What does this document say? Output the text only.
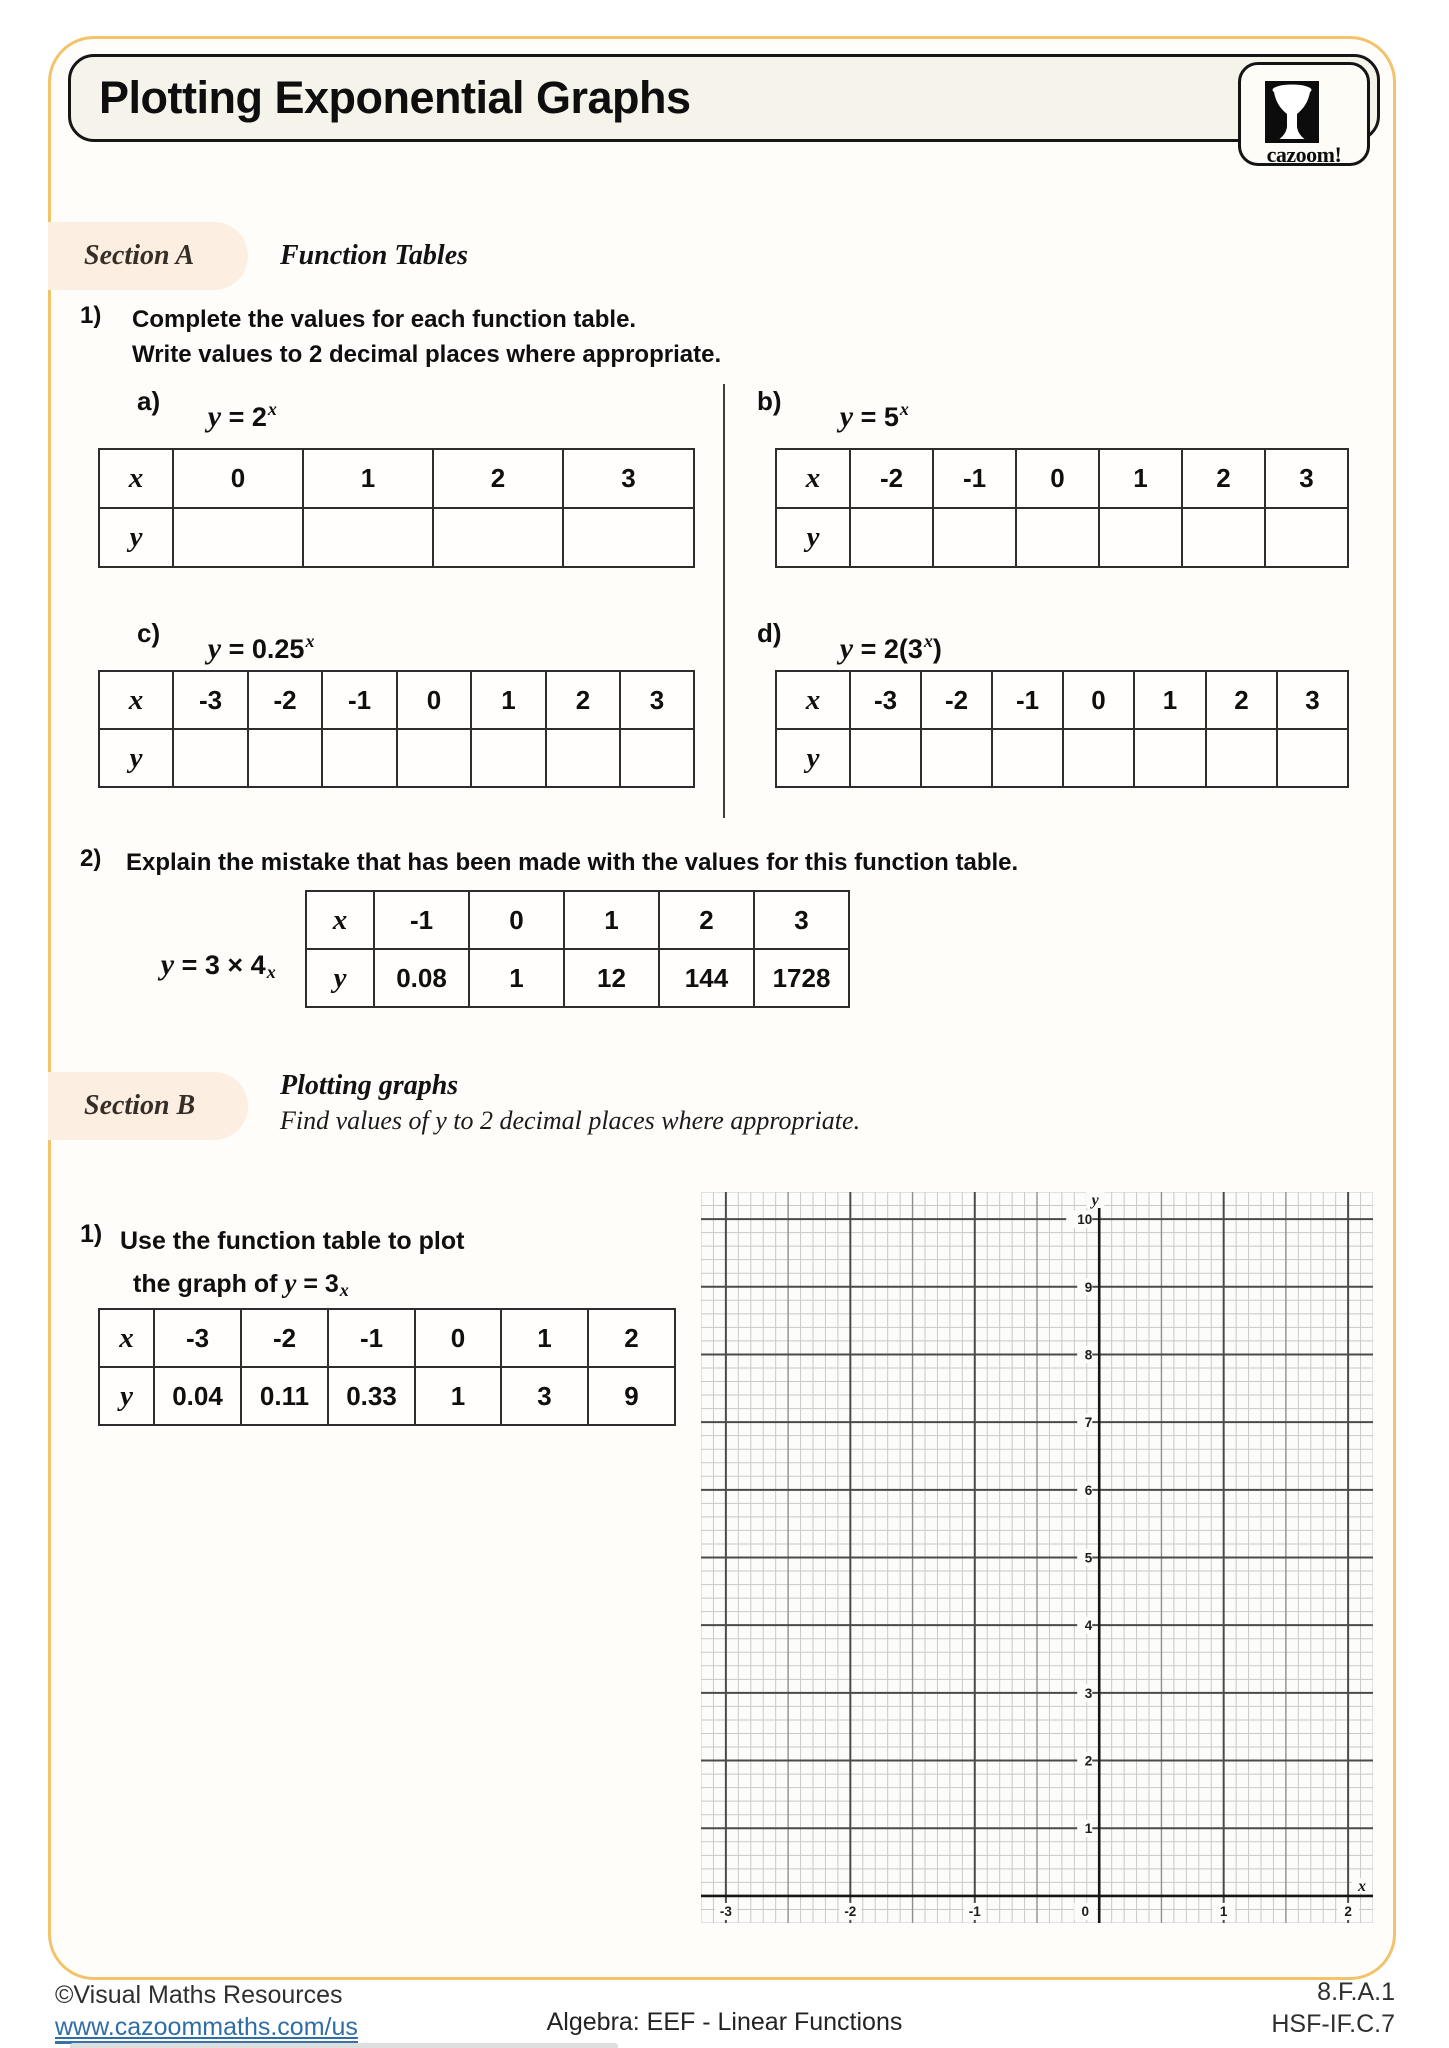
Plotting Exponential Graphs
cazoom!
Section A	Function Tables
1) Complete the values for each function table.
Write values to 2 decimal places where appropriate.
a)	y = 2x

x	0	1	2	3
y				
b)	y = 5x

x	-2	-1	0	1	2	3
y						
c)	y = 0.25x

x	-3	-2	-1	0	1	2	3
y							
d)	y = 2(3x)

x	-3	-2	-1	0	1	2	3
y							
2) Explain the mistake that has been made with the values for this function table.

y = 3 × 4x

x	-1	0	1	2	3
y	0.08	1	12	144	1728
Section B
Plotting graphs
Find values of y to 2 decimal places where appropriate.
1) Use the function table to plot
the graph of y = 3x
x	-3	-2	-1	0	1	2
y	0.04	0.11	0.33	1	3	9
1
2
3
4
5
6
7
8
9
10
-3	-2	-1	0	1	2
y
x
©Visual Maths Resources
www.cazoommaths.com/us	Algebra: EEF - Linear Functions
8.F.A.1
HSF-IF.C.7
